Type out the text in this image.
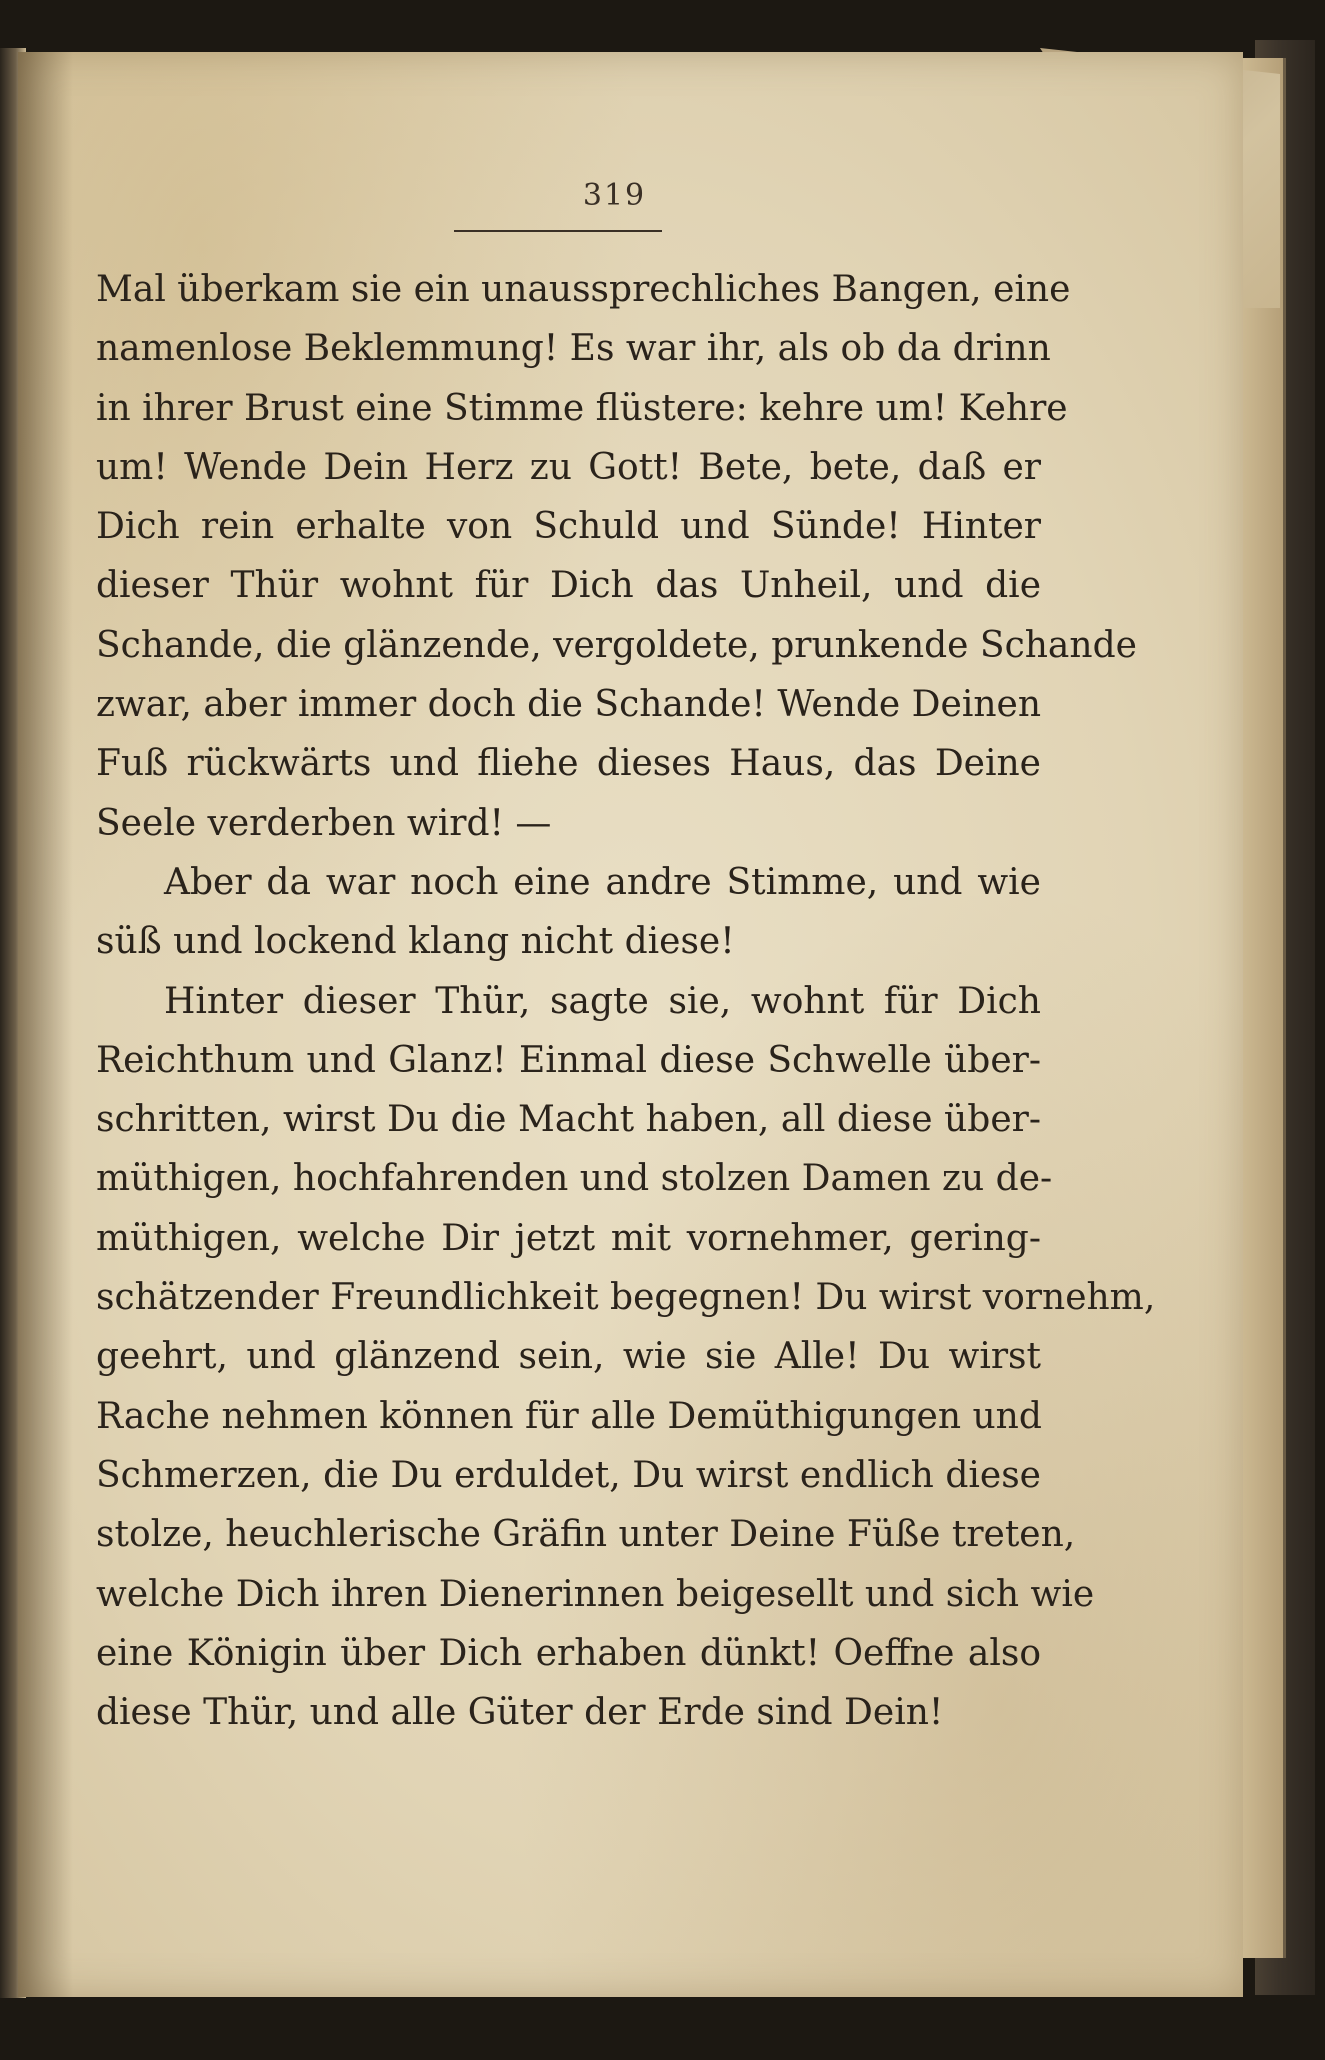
319
Mal überkam sie ein unaussprechliches Bangen, eine
namenlose Beklemmung! Es war ihr, als ob da drinn
in ihrer Brust eine Stimme flüstere: kehre um! Kehre
um! Wende Dein Herz zu Gott! Bete, bete, daß er
Dich rein erhalte von Schuld und Sünde! Hinter
dieser Thür wohnt für Dich das Unheil, und die
Schande, die glänzende, vergoldete, prunkende Schande
zwar, aber immer doch die Schande! Wende Deinen
Fuß rückwärts und fliehe dieses Haus, das Deine
Seele verderben wird! —
Aber da war noch eine andre Stimme, und wie
süß und lockend klang nicht diese!
Hinter dieser Thür, sagte sie, wohnt für Dich
Reichthum und Glanz! Einmal diese Schwelle über-
schritten, wirst Du die Macht haben, all diese über-
müthigen, hochfahrenden und stolzen Damen zu de-
müthigen, welche Dir jetzt mit vornehmer, gering-
schätzender Freundlichkeit begegnen! Du wirst vornehm,
geehrt, und glänzend sein, wie sie Alle! Du wirst
Rache nehmen können für alle Demüthigungen und
Schmerzen, die Du erduldet, Du wirst endlich diese
stolze, heuchlerische Gräfin unter Deine Füße treten,
welche Dich ihren Dienerinnen beigesellt und sich wie
eine Königin über Dich erhaben dünkt! Oeffne also
diese Thür, und alle Güter der Erde sind Dein!
